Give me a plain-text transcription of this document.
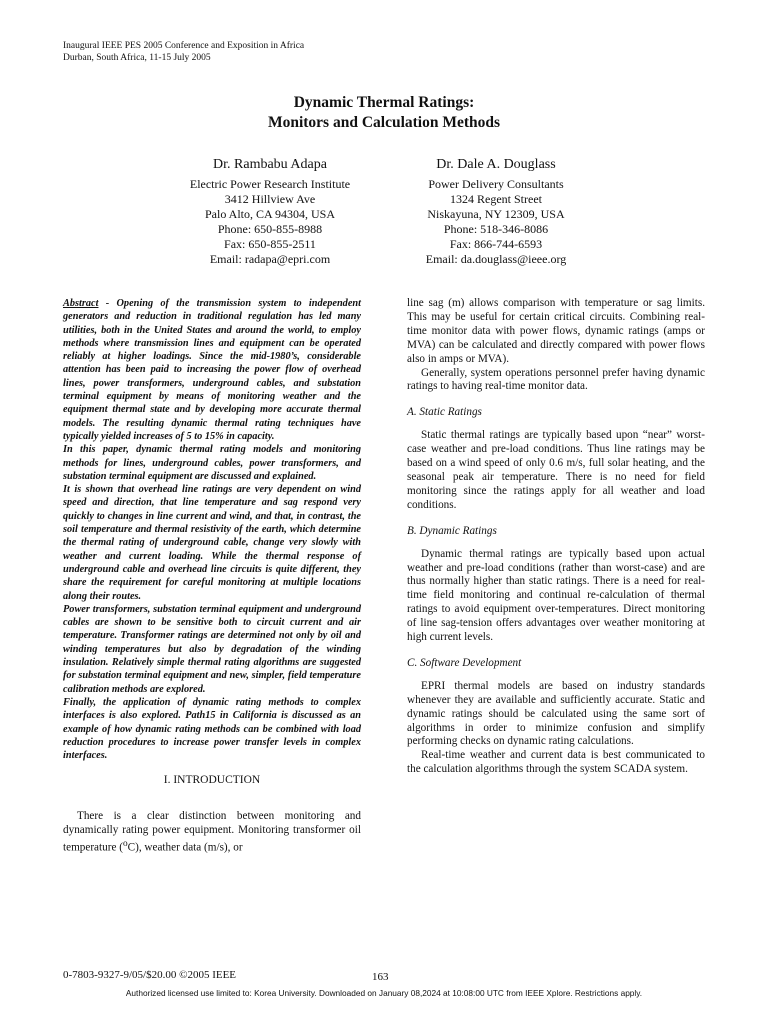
Inaugural IEEE PES 2005 Conference and Exposition in Africa
Durban, South Africa, 11-15 July 2005
Dynamic Thermal Ratings:
Monitors and Calculation Methods
Dr. Rambabu Adapa
Electric Power Research Institute
3412 Hillview Ave
Palo Alto, CA 94304, USA
Phone: 650-855-8988
Fax: 650-855-2511
Email: radapa@epri.com
Dr. Dale A. Douglass
Power Delivery Consultants
1324 Regent Street
Niskayuna, NY 12309, USA
Phone: 518-346-8086
Fax: 866-744-6593
Email: da.douglass@ieee.org

Abstract - Opening of the transmission system to independent generators and reduction in traditional regulation has led many utilities, both in the United States and around the world, to employ methods where transmission lines and equipment can be operated reliably at higher loadings. Since the mid-1980’s, considerable attention has been paid to increasing the power flow of overhead lines, power transformers, underground cables, and substation terminal equipment by means of monitoring weather and the equipment thermal state and by developing more accurate thermal models. The resulting dynamic thermal rating techniques have typically yielded increases of 5 to 15% in capacity.

In this paper, dynamic thermal rating models and monitoring methods for lines, underground cables, power transformers, and substation terminal equipment are discussed and explained.

It is shown that overhead line ratings are very dependent on wind speed and direction, that line temperature and sag respond very quickly to changes in line current and wind, and that, in contrast, the soil temperature and thermal resistivity of the earth, which determine the thermal rating of underground cable, change very slowly with weather and current loading. While the thermal response of underground cable and overhead line circuits is quite different, they share the requirement for careful monitoring at multiple locations along their routes.

Power transformers, substation terminal equipment and underground cables are shown to be sensitive both to circuit current and air temperature. Transformer ratings are determined not only by oil and winding temperatures but also by degradation of the winding insulation. Relatively simple thermal rating algorithms are suggested for substation terminal equipment and new, simpler, field temperature calibration methods are explored.

Finally, the application of dynamic rating methods to complex interfaces is also explored. Path15 in California is discussed as an example of how dynamic rating methods can be combined with load reduction procedures to increase power transfer levels in complex interfaces.

I. INTRODUCTION

There is a clear distinction between monitoring and dynamically rating power equipment. Monitoring transformer oil temperature ($^o$C), weather data (m/s), or

line sag (m) allows comparison with temperature or sag limits. This may be useful for certain critical circuits. Combining real-time monitor data with power flows, dynamic ratings (amps or MVA) can be calculated and directly compared with power flows also in amps or MVA).

Generally, system operations personnel prefer having dynamic ratings to having real-time monitor data.

A. Static Ratings

Static thermal ratings are typically based upon “near” worst-case weather and pre-load conditions. Thus line ratings may be based on a wind speed of only 0.6 m/s, full solar heating, and the seasonal peak air temperature. There is no need for field monitoring since the ratings apply for all weather and load conditions.

B. Dynamic Ratings

Dynamic thermal ratings are typically based upon actual weather and pre-load conditions (rather than worst-case) and are thus normally higher than static ratings. There is a need for real-time field monitoring and continual re-calculation of thermal ratings to avoid equipment over-temperatures. Direct monitoring of line sag-tension offers advantages over weather monitoring at high current levels.

C. Software Development

EPRI thermal models are based on industry standards whenever they are available and sufficiently accurate. Static and dynamic ratings should be calculated using the same sort of algorithms in order to minimize confusion and simplify performing checks on dynamic rating calculations.

Real-time weather and current data is best communicated to the calculation algorithms through the system SCADA system.

0-7803-9327-9/05/$20.00 ©2005 IEEE	163
Authorized licensed use limited to: Korea University. Downloaded on January 08,2024 at 10:08:00 UTC from IEEE Xplore. Restrictions apply.
